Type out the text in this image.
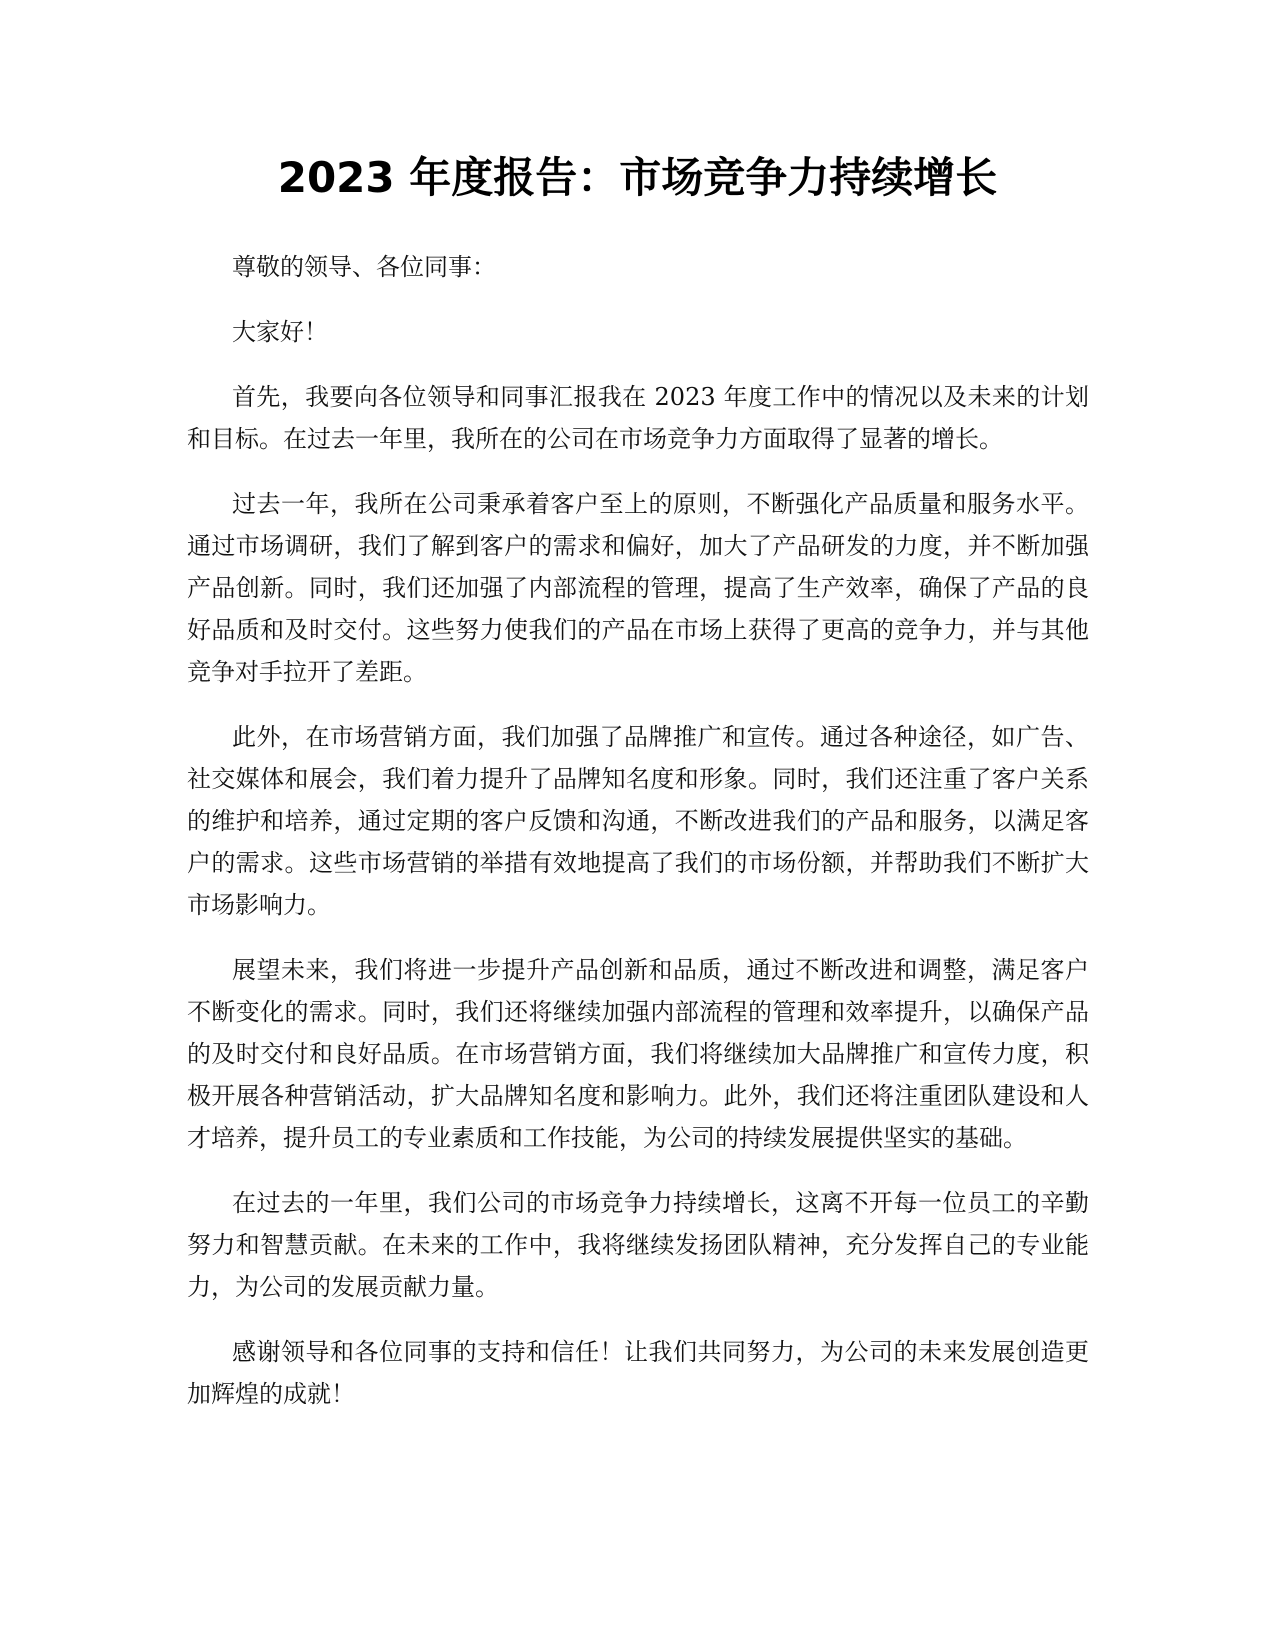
2023 年度报告：市场竞争力持续增长

尊敬的领导、各位同事：

大家好！

首先，我要向各位领导和同事汇报我在 2023 年度工作中的情况以及未来的计划和目标。在过去一年里，我所在的公司在市场竞争力方面取得了显著的增长。

过去一年，我所在公司秉承着客户至上的原则，不断强化产品质量和服务水平。通过市场调研，我们了解到客户的需求和偏好，加大了产品研发的力度，并不断加强产品创新。同时，我们还加强了内部流程的管理，提高了生产效率，确保了产品的良好品质和及时交付。这些努力使我们的产品在市场上获得了更高的竞争力，并与其他竞争对手拉开了差距。

此外，在市场营销方面，我们加强了品牌推广和宣传。通过各种途径，如广告、社交媒体和展会，我们着力提升了品牌知名度和形象。同时，我们还注重了客户关系的维护和培养，通过定期的客户反馈和沟通，不断改进我们的产品和服务，以满足客户的需求。这些市场营销的举措有效地提高了我们的市场份额，并帮助我们不断扩大市场影响力。

展望未来，我们将进一步提升产品创新和品质，通过不断改进和调整，满足客户不断变化的需求。同时，我们还将继续加强内部流程的管理和效率提升，以确保产品的及时交付和良好品质。在市场营销方面，我们将继续加大品牌推广和宣传力度，积极开展各种营销活动，扩大品牌知名度和影响力。此外，我们还将注重团队建设和人才培养，提升员工的专业素质和工作技能，为公司的持续发展提供坚实的基础。

在过去的一年里，我们公司的市场竞争力持续增长，这离不开每一位员工的辛勤努力和智慧贡献。在未来的工作中，我将继续发扬团队精神，充分发挥自己的专业能力，为公司的发展贡献力量。

感谢领导和各位同事的支持和信任！让我们共同努力，为公司的未来发展创造更加辉煌的成就！
